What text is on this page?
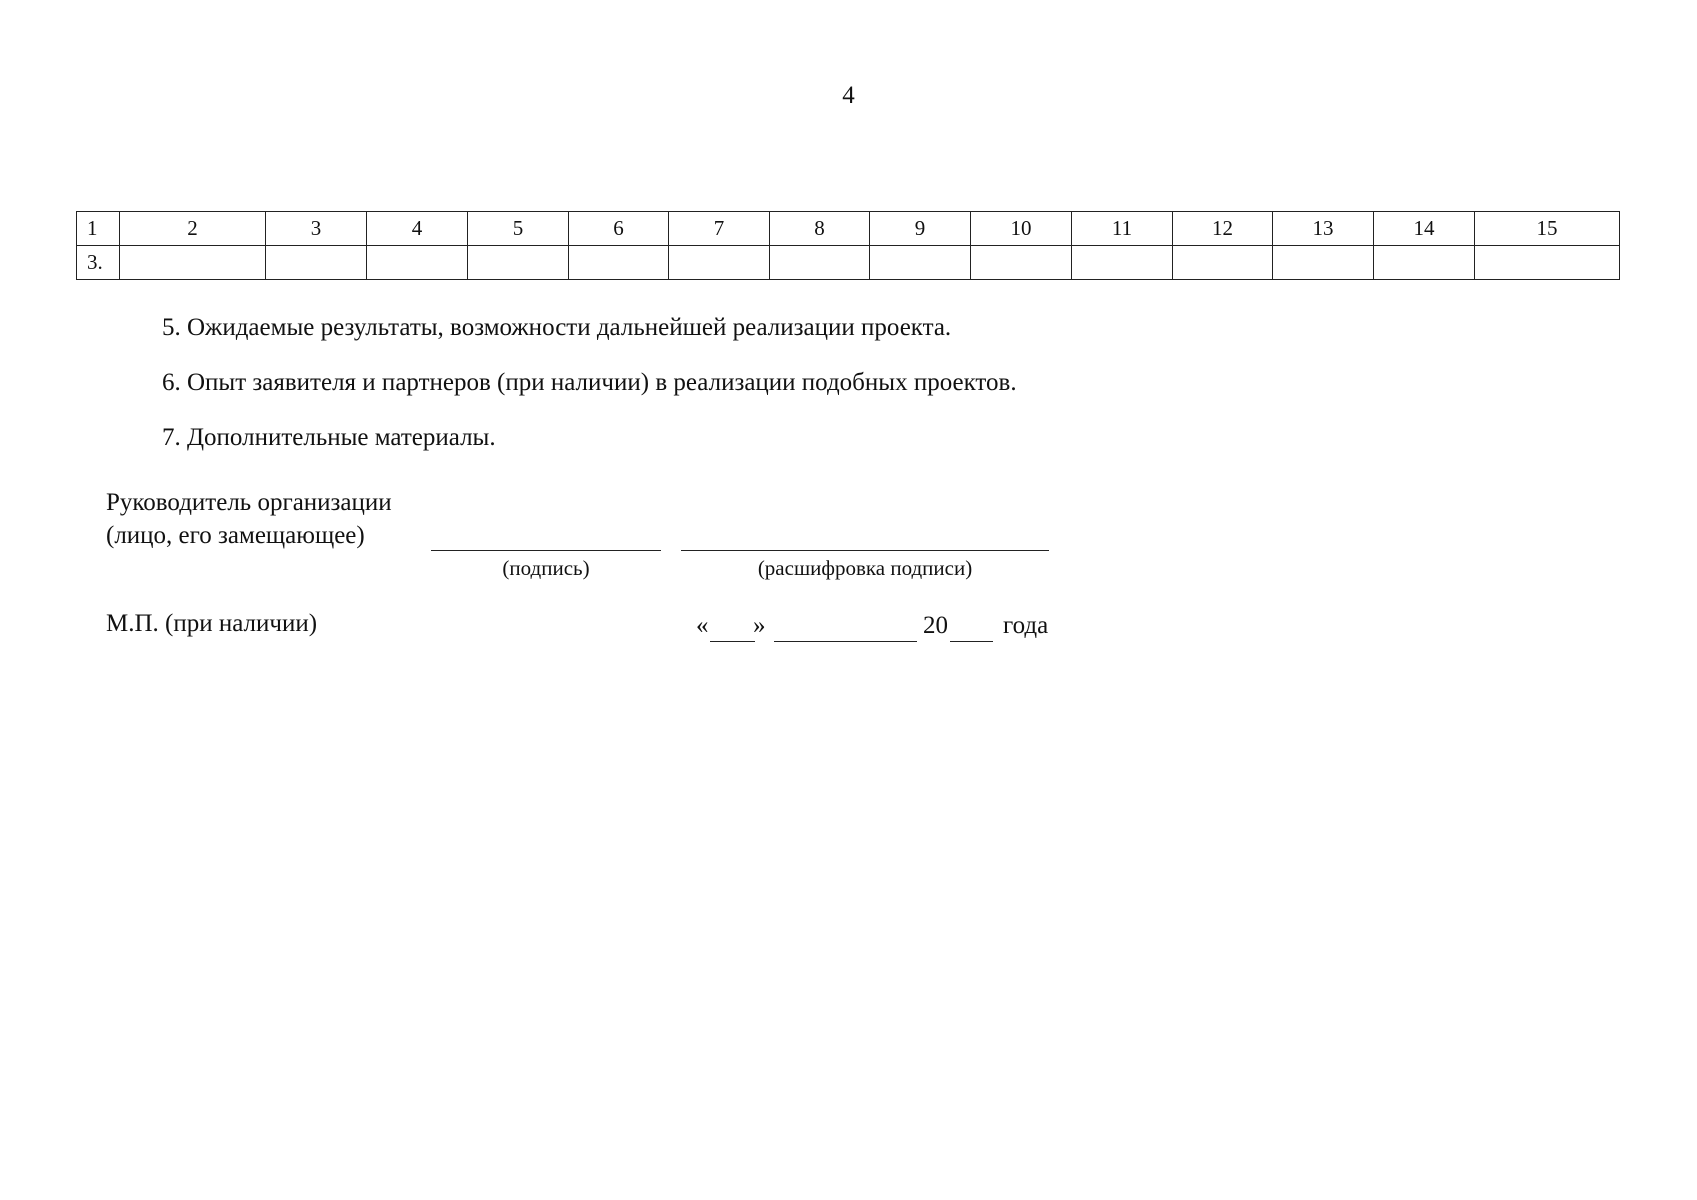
4
1	2	3	4	5	6	7	8	9	10	11	12	13	14	15
3.														
5. Ожидаемые результаты, возможности дальнейшей реализации проекта.
6. Опыт заявителя и партнеров (при наличии) в реализации подобных проектов.
7. Дополнительные материалы.
Руководитель организации
(лицо, его замещающее)
(подпись)	(расшифровка подписи)
М.П. (при наличии)	« »	20 года
